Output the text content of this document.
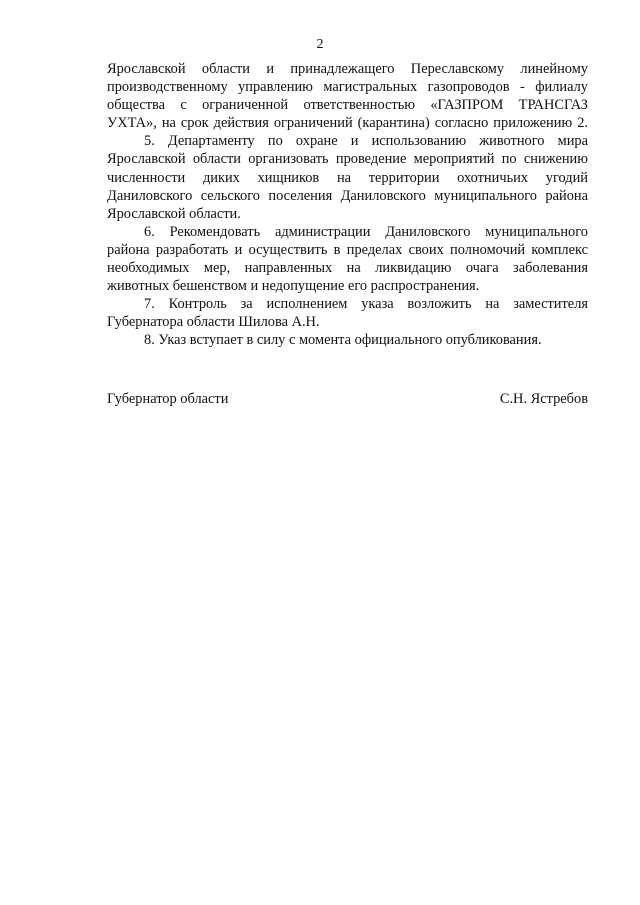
2
Ярославской области и принадлежащего Переславскому линейному
производственному управлению магистральных газопроводов - филиалу
общества с ограниченной ответственностью «ГАЗПРОМ ТРАНСГАЗ
УХТА», на срок действия ограничений (карантина) согласно приложению 2.
5. Департаменту по охране и использованию животного мира
Ярославской области организовать проведение мероприятий по снижению
численности диких хищников на территории охотничьих угодий
Даниловского сельского поселения Даниловского муниципального района
Ярославской области.
6. Рекомендовать администрации Даниловского муниципального
района разработать и осуществить в пределах своих полномочий комплекс
необходимых мер, направленных на ликвидацию очага заболевания
животных бешенством и недопущение его распространения.
7. Контроль за исполнением указа возложить на заместителя
Губернатора области Шилова А.Н.
8. Указ вступает в силу с момента официального опубликования.
Губернатор области	С.Н. Ястребов
